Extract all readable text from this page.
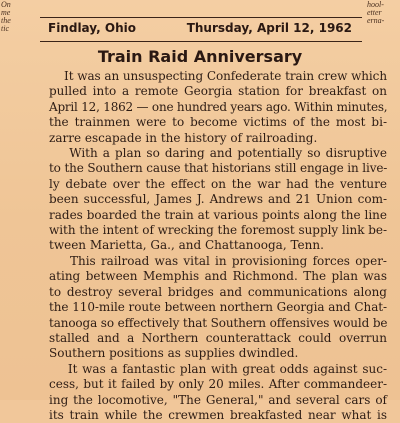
On
me
the
tic
hool-
etter
erna-
Findlay, Ohio	Thursday, April 12, 1962
Train Raid Anniversary
It was an unsuspecting Confederate train crew which
pulled into a remote Georgia station for breakfast on
April 12, 1862 — one hundred years ago. Within minutes,
the trainmen were to become victims of the most bi-
zarre escapade in the history of railroading.
With a plan so daring and potentially so disruptive
to the Southern cause that historians still engage in live-
ly debate over the effect on the war had the venture
been successful, James J. Andrews and 21 Union com-
rades boarded the train at various points along the line
with the intent of wrecking the foremost supply link be-
tween Marietta, Ga., and Chattanooga, Tenn.
This railroad was vital in provisioning forces oper-
ating between Memphis and Richmond. The plan was
to destroy several bridges and communications along
the 110-mile route between northern Georgia and Chat-
tanooga so effectively that Southern offensives would be
stalled and a Northern counterattack could overrun
Southern positions as supplies dwindled.
It was a fantastic plan with great odds against suc-
cess, but it failed by only 20 miles. After commandeer-
ing the locomotive, "The General," and several cars of
its train while the crewmen breakfasted near what is
